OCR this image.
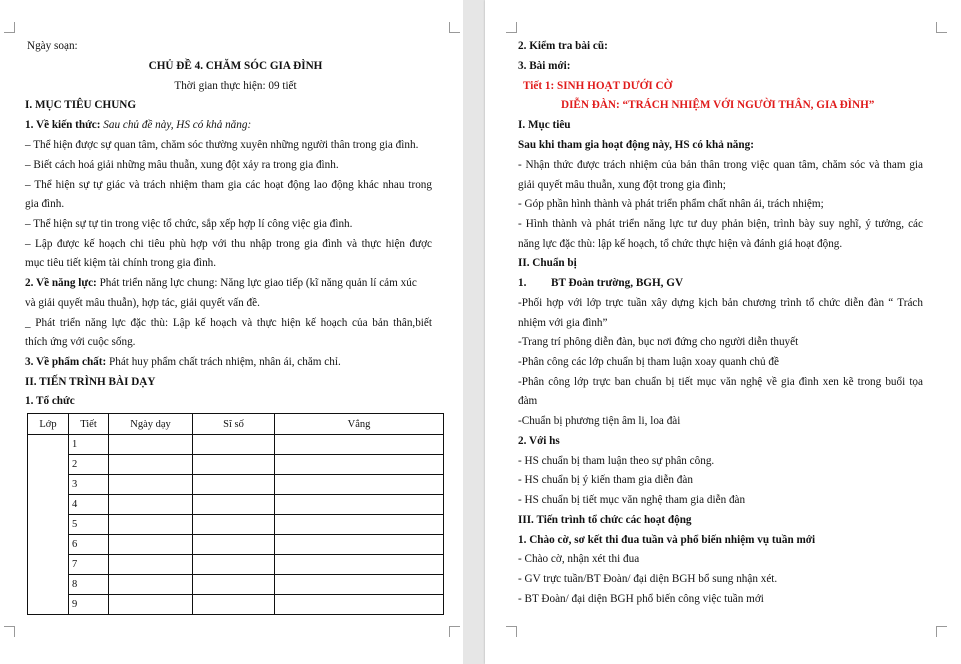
Ngày soạn:
CHỦ ĐỀ 4. CHĂM SÓC GIA ĐÌNH
Thời gian thực hiện: 09 tiết
I. MỤC TIÊU CHUNG
1. Về kiến thức: Sau chủ đề này, HS có khả năng:
– Thể hiện được sự quan tâm, chăm sóc thường xuyên những người thân trong gia đình.
– Biết cách hoá giải những mâu thuẫn, xung đột xảy ra trong gia đình.
– Thể hiện sự tự giác và trách nhiệm tham gia các hoạt động lao động khác nhau trong
gia đình.
– Thể hiện sự tự tin trong việc tổ chức, sắp xếp hợp lí công việc gia đình.
– Lập được kế hoạch chi tiêu phù hợp với thu nhập trong gia đình và thực hiện được
mục tiêu tiết kiệm tài chính trong gia đình.
2. Về năng lực: Phát triển năng lực chung: Năng lực giao tiếp (kĩ năng quản lí cảm xúc
và giải quyết mâu thuẫn), hợp tác, giải quyết vấn đề.
_ Phát triển năng lực đặc thù: Lập kế hoạch và thực hiện kế hoạch của bản thân,biết
thích ứng với cuộc sống.
3. Về phẩm chất: Phát huy phẩm chất trách nhiệm, nhân ái, chăm chỉ.
II. TIẾN TRÌNH BÀI DẠY
1. Tổ chức
Lớp	Tiết	Ngày dạy	Sĩ số	Vắng
	1			
	2			
	3			
	4			
	5			
	6			
	7			
	8			
	9			
2. Kiểm tra bài cũ:
3. Bài mới:
Tiết 1: SINH HOẠT DƯỚI CỜ
DIỄN ĐÀN: “TRÁCH NHIỆM VỚI NGƯỜI THÂN, GIA ĐÌNH”
I. Mục tiêu
Sau khi tham gia hoạt động này, HS có khả năng:
- Nhận thức được trách nhiệm của bản thân trong việc quan tâm, chăm sóc và tham gia
giải quyết mâu thuẫn, xung đột trong gia đình;
- Góp phần hình thành và phát triển phẩm chất nhân ái, trách nhiệm;
- Hình thành và phát triển năng lực tư duy phản biện, trình bày suy nghĩ, ý tưởng, các
năng lực đặc thù: lập kế hoạch, tổ chức thực hiện và đánh giá hoạt động.
II. Chuẩn bị
1. BT Đoàn trường, BGH, GV
-Phối hợp với lớp trực tuần xây dựng kịch bản chương trình tổ chức diễn đàn “ Trách
nhiệm với gia đình”
-Trang trí phông diễn đàn, bục nơi đứng cho người diễn thuyết
-Phân công các lớp chuẩn bị tham luận xoay quanh chủ đề
-Phân công lớp trực ban chuẩn bị tiết mục văn nghệ về gia đình xen kẽ trong buổi tọa
đàm
-Chuẩn bị phương tiện âm li, loa đài
2. Với hs
- HS chuẩn bị tham luận theo sự phân công.
- HS chuẩn bị ý kiến tham gia diễn đàn
- HS chuẩn bị tiết mục văn nghệ tham gia diễn đàn
III. Tiến trình tổ chức các hoạt động
1. Chào cờ, sơ kết thi đua tuần và phổ biến nhiệm vụ tuần mới
- Chào cờ, nhận xét thi đua
- GV trực tuần/BT Đoàn/ đại diện BGH bổ sung nhận xét.
- BT Đoàn/ đại diện BGH phổ biến công việc tuần mới
